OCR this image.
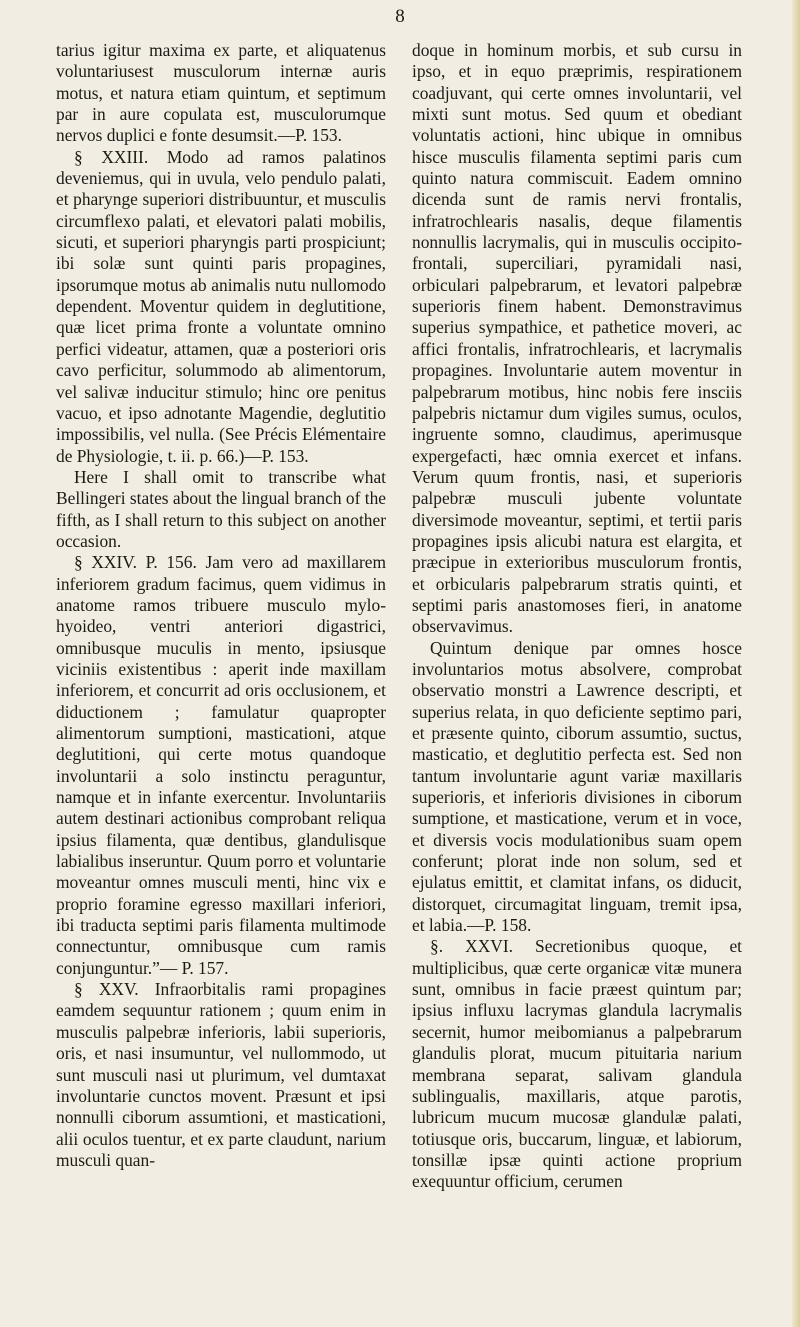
8

tarius igitur maxima ex parte, et aliquatenus voluntariusest musculorum internæ auris motus, et natura etiam quintum, et septimum par in aure copulata est, musculorumque nervos duplici e fonte desumsit.—P. 153.

§ XXIII. Modo ad ramos palatinos deveniemus, qui in uvula, velo pendulo palati, et pharynge superiori distribuuntur, et musculis circumflexo palati, et elevatori palati mobilis, sicuti, et superiori pharyngis parti prospiciunt; ibi solæ sunt quinti paris propagines, ipsorumque motus ab animalis nutu nullomodo dependent. Moventur quidem in deglutitione, quæ licet prima fronte a voluntate omnino perfici videatur, attamen, quæ a posteriori oris cavo perficitur, solummodo ab alimentorum, vel salivæ inducitur stimulo; hinc ore penitus vacuo, et ipso adnotante Magendie, deglutitio impossibilis, vel nulla. (See Précis Elémentaire de Physiologie, t. ii. p. 66.)—P. 153.

Here I shall omit to transcribe what Bellingeri states about the lingual branch of the fifth, as I shall return to this subject on another occasion.

§ XXIV. P. 156. Jam vero ad maxillarem inferiorem gradum facimus, quem vidimus in anatome ramos tribuere musculo mylo-hyoideo, ventri anteriori digastrici, omnibusque muculis in mento, ipsiusque viciniis existentibus : aperit inde maxillam inferiorem, et concurrit ad oris occlusionem, et diductionem ; famulatur quapropter alimentorum sumptioni, masticationi, atque deglutitioni, qui certe motus quandoque involuntarii a solo instinctu peraguntur, namque et in infante exercentur. Involuntariis autem destinari actionibus comprobant reliqua ipsius filamenta, quæ dentibus, glandulisque labialibus inseruntur. Quum porro et voluntarie moveantur omnes musculi menti, hinc vix e proprio foramine egresso maxillari inferiori, ibi traducta septimi paris filamenta multimode connectuntur, omnibusque cum ramis conjunguntur.”— P. 157.

§ XXV. Infraorbitalis rami propagines eamdem sequuntur rationem ; quum enim in musculis palpebræ inferioris, labii superioris, oris, et nasi insumuntur, vel nullommodo, ut sunt musculi nasi ut plurimum, vel dumtaxat involuntarie cunctos movent. Præsunt et ipsi nonnulli ciborum assumtioni, et masticationi, alii oculos tuentur, et ex parte claudunt, narium musculi quan-

doque in hominum morbis, et sub cursu in ipso, et in equo præprimis, respirationem coadjuvant, qui certe omnes involuntarii, vel mixti sunt motus. Sed quum et obediant voluntatis actioni, hinc ubique in omnibus hisce musculis filamenta septimi paris cum quinto natura commiscuit. Eadem omnino dicenda sunt de ramis nervi frontalis, infratrochlearis nasalis, deque filamentis nonnullis lacrymalis, qui in musculis occipito-frontali, superciliari, pyramidali nasi, orbiculari palpebrarum, et levatori palpebræ superioris finem habent. Demonstravimus superius sympathice, et pathetice moveri, ac affici frontalis, infratrochlearis, et lacrymalis propagines. Involuntarie autem moventur in palpebrarum motibus, hinc nobis fere insciis palpebris nictamur dum vigiles sumus, oculos, ingruente somno, claudimus, aperimusque expergefacti, hæc omnia exercet et infans. Verum quum frontis, nasi, et superioris palpebræ musculi jubente voluntate diversimode moveantur, septimi, et tertii paris propagines ipsis alicubi natura est elargita, et præcipue in exterioribus musculorum frontis, et orbicularis palpebrarum stratis quinti, et septimi paris anastomoses fieri, in anatome observavimus.

Quintum denique par omnes hosce involuntarios motus absolvere, comprobat observatio monstri a Lawrence descripti, et superius relata, in quo deficiente septimo pari, et præsente quinto, ciborum assumtio, suctus, masticatio, et deglutitio perfecta est. Sed non tantum involuntarie agunt variæ maxillaris superioris, et inferioris divisiones in ciborum sumptione, et masticatione, verum et in voce, et diversis vocis modulationibus suam opem conferunt; plorat inde non solum, sed et ejulatus emittit, et clamitat infans, os diducit, distorquet, circumagitat linguam, tremit ipsa, et labia.—P. 158.

§. XXVI. Secretionibus quoque, et multiplicibus, quæ certe organicæ vitæ munera sunt, omnibus in facie præest quintum par; ipsius influxu lacrymas glandula lacrymalis secernit, humor meibomianus a palpebrarum glandulis plorat, mucum pituitaria narium membrana separat, salivam glandula sublingualis, maxillaris, atque parotis, lubricum mucum mucosæ glandulæ palati, totiusque oris, buccarum, linguæ, et labiorum, tonsillæ ipsæ quinti actione proprium exequuntur officium, cerumen
